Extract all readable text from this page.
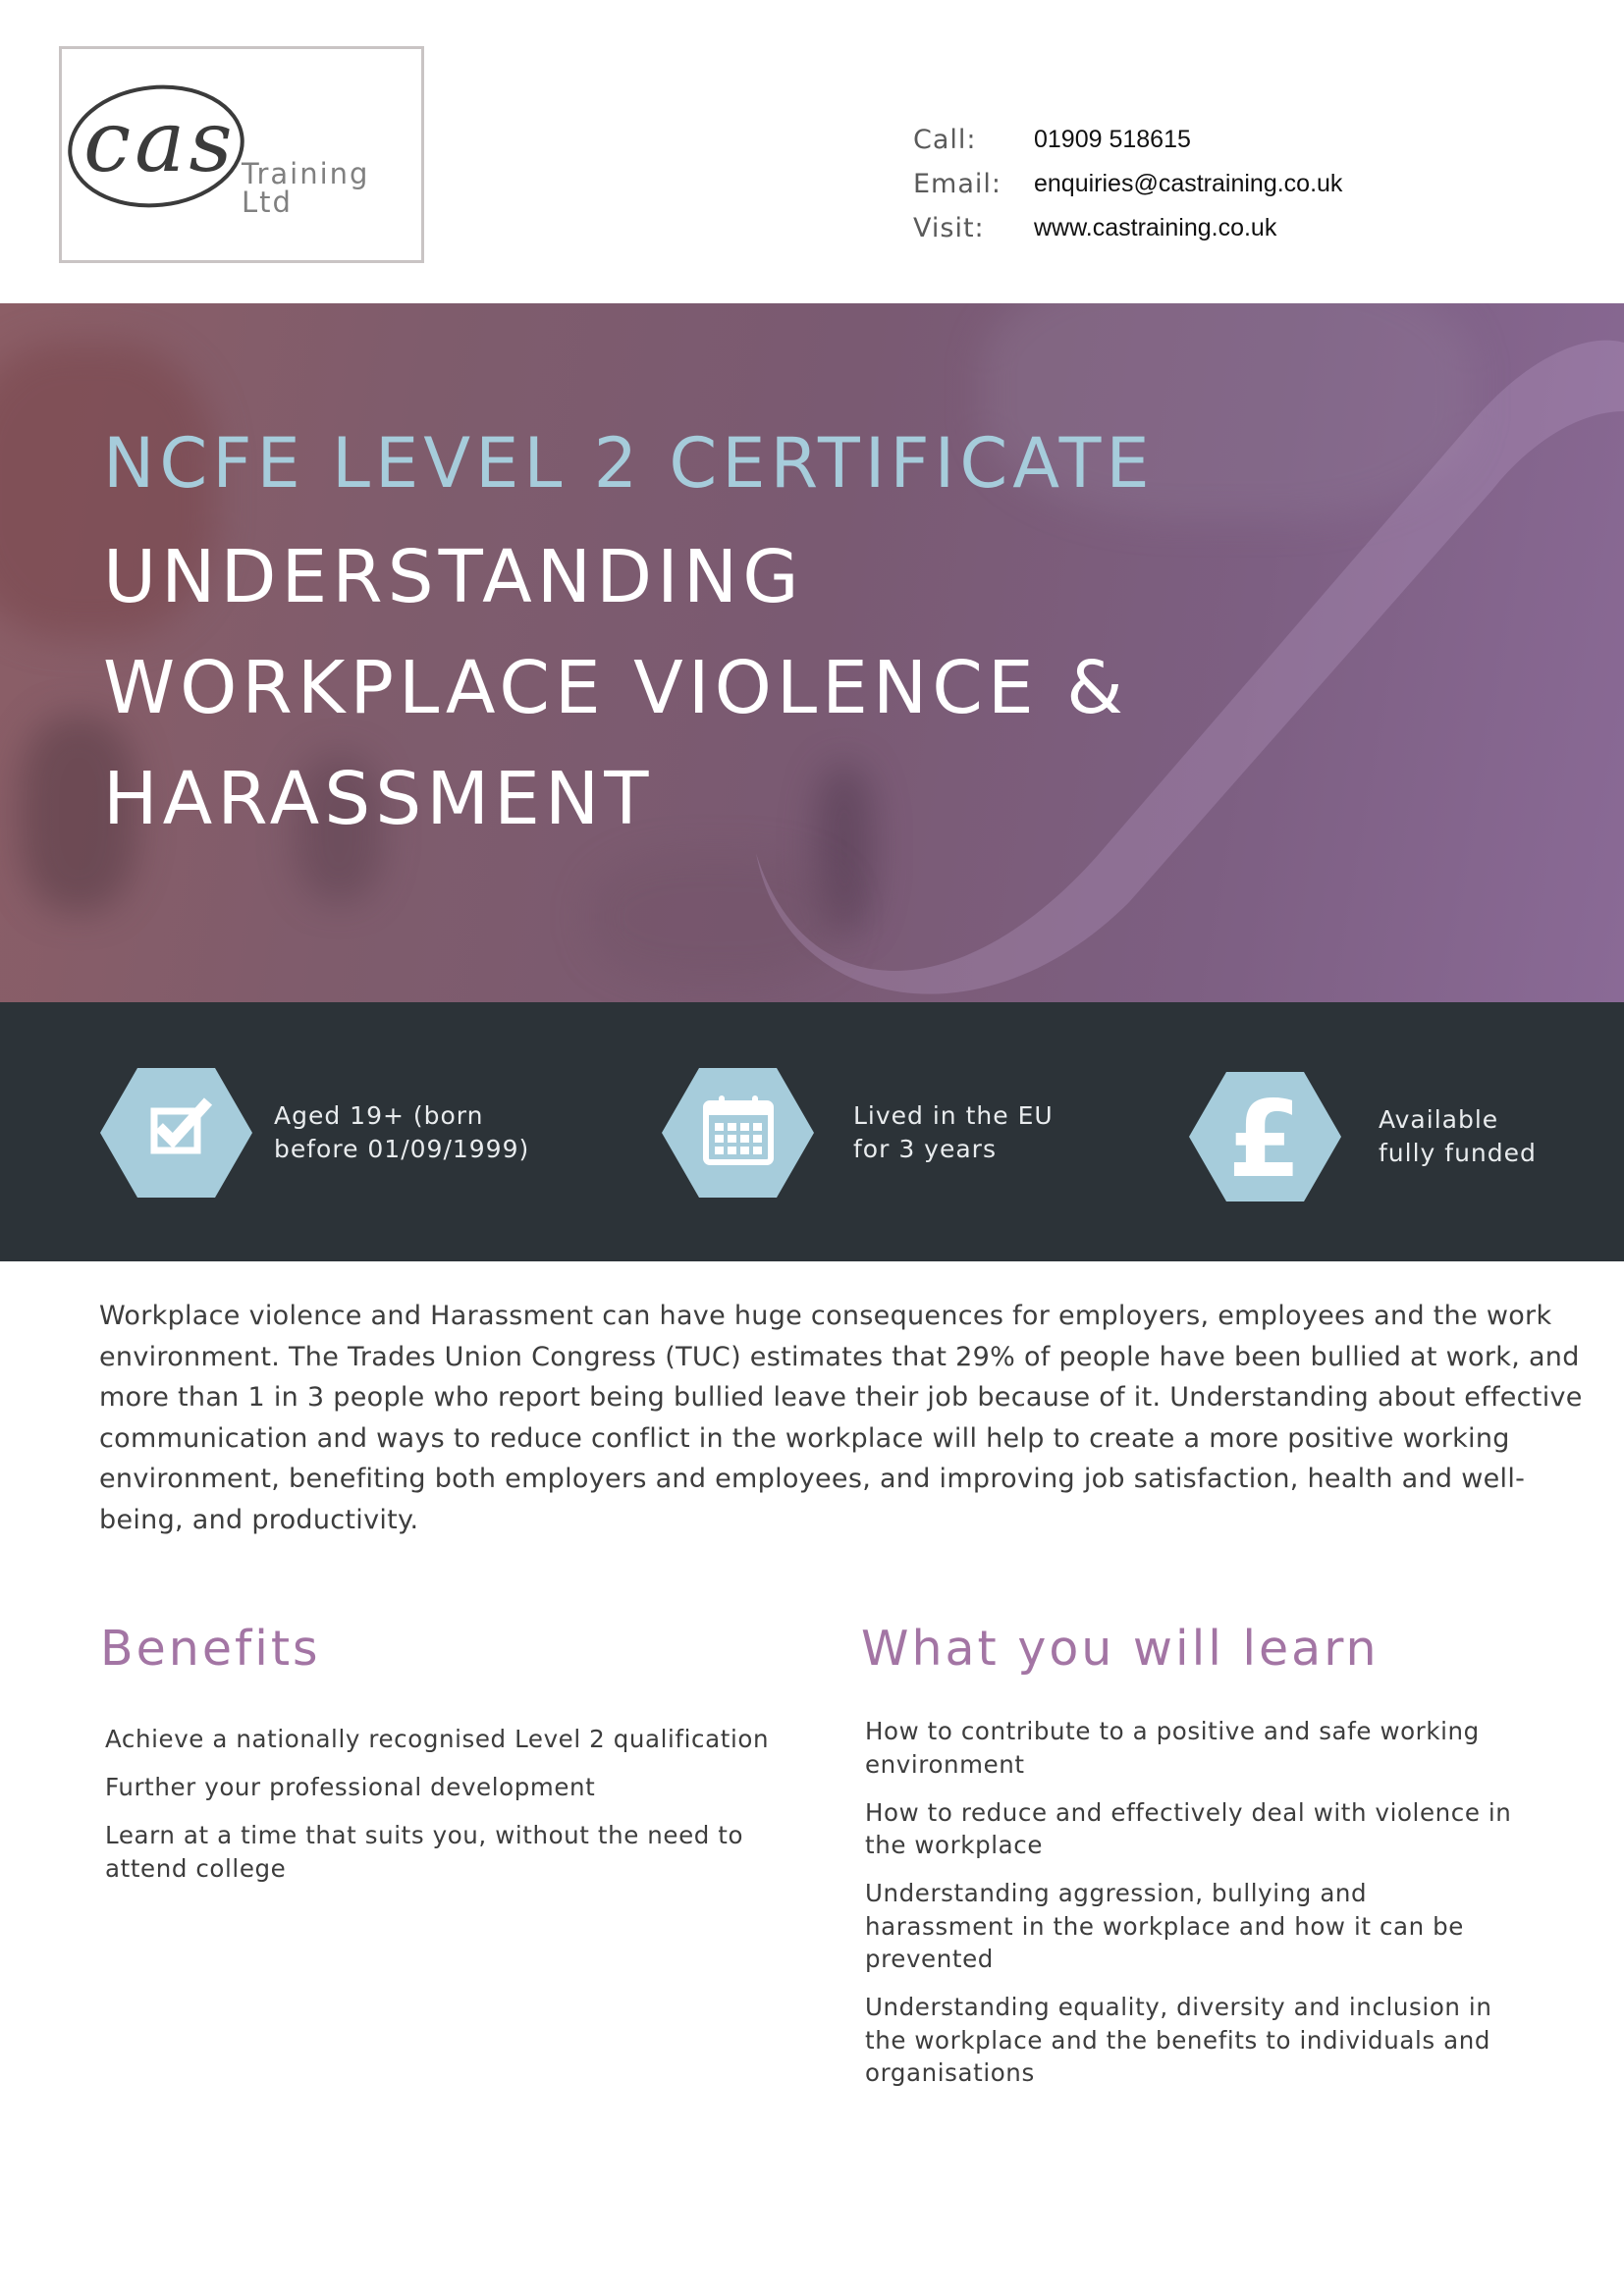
cas Training Ltd
Call:	01909 518615
Email:	enquiries@castraining.co.uk
Visit:	www.castraining.co.uk
NCFE LEVEL 2 CERTIFICATE
UNDERSTANDING
WORKPLACE VIOLENCE &
HARASSMENT
Aged 19+ (born
before 01/09/1999)
Lived in the EU
for 3 years	£	Available
fully funded
Workplace violence and Harassment can have huge consequences for employers, employees and the work
environment. The Trades Union Congress (TUC) estimates that 29% of people have been bullied at work, and
more than 1 in 3 people who report being bullied leave their job because of it. Understanding about effective
communication and ways to reduce conflict in the workplace will help to create a more positive working
environment, benefiting both employers and employees, and improving job satisfaction, health and well-
being, and productivity.
Benefits
Achieve a nationally recognised Level 2 qualification
Further your professional development
Learn at a time that suits you, without the need to
attend college
What you will learn
How to contribute to a positive and safe working
environment
How to reduce and effectively deal with violence in
the workplace
Understanding aggression, bullying and
harassment in the workplace and how it can be
prevented
Understanding equality, diversity and inclusion in
the workplace and the benefits to individuals and
organisations
